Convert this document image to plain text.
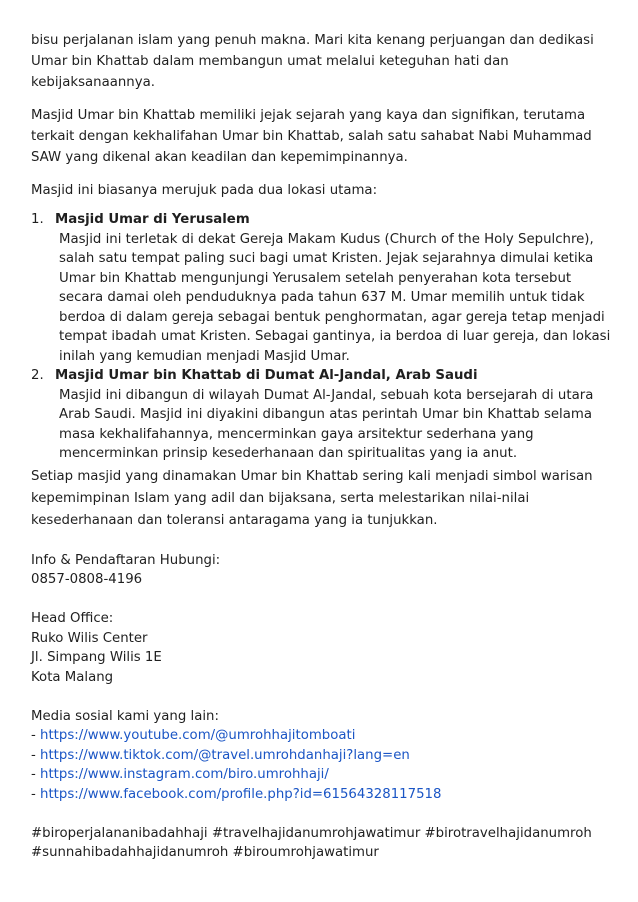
bisu perjalanan islam yang penuh makna. Mari kita kenang perjuangan dan dedikasi Umar bin Khattab dalam membangun umat melalui keteguhan hati dan kebijaksanaannya.

Masjid Umar bin Khattab memiliki jejak sejarah yang kaya dan signifikan, terutama terkait dengan kekhalifahan Umar bin Khattab, salah satu sahabat Nabi Muhammad SAW yang dikenal akan keadilan dan kepemimpinannya.

Masjid ini biasanya merujuk pada dua lokasi utama:

1. Masjid Umar di Yerusalem
Masjid ini terletak di dekat Gereja Makam Kudus (Church of the Holy Sepulchre), salah satu tempat paling suci bagi umat Kristen. Jejak sejarahnya dimulai ketika Umar bin Khattab mengunjungi Yerusalem setelah penyerahan kota tersebut secara damai oleh penduduknya pada tahun 637 M. Umar memilih untuk tidak berdoa di dalam gereja sebagai bentuk penghormatan, agar gereja tetap menjadi tempat ibadah umat Kristen. Sebagai gantinya, ia berdoa di luar gereja, dan lokasi inilah yang kemudian menjadi Masjid Umar.
2. Masjid Umar bin Khattab di Dumat Al-Jandal, Arab Saudi
Masjid ini dibangun di wilayah Dumat Al-Jandal, sebuah kota bersejarah di utara Arab Saudi. Masjid ini diyakini dibangun atas perintah Umar bin Khattab selama masa kekhalifahannya, mencerminkan gaya arsitektur sederhana yang mencerminkan prinsip kesederhanaan dan spiritualitas yang ia anut.

Setiap masjid yang dinamakan Umar bin Khattab sering kali menjadi simbol warisan kepemimpinan Islam yang adil dan bijaksana, serta melestarikan nilai-nilai kesederhanaan dan toleransi antaragama yang ia tunjukkan.

Info & Pendaftaran Hubungi:
0857-0808-4196
Head Office:
Ruko Wilis Center
Jl. Simpang Wilis 1E
Kota Malang
Media sosial kami yang lain:
- https://www.youtube.com/@umrohhajitomboati
- https://www.tiktok.com/@travel.umrohdanhaji?lang=en
- https://www.instagram.com/biro.umrohhaji/
- https://www.facebook.com/profile.php?id=61564328117518
#biroperjalananibadahhaji #travelhajidanumrohjawatimur #birotravelhajidanumroh
#sunnahibadahhajidanumroh #biroumrohjawatimur
